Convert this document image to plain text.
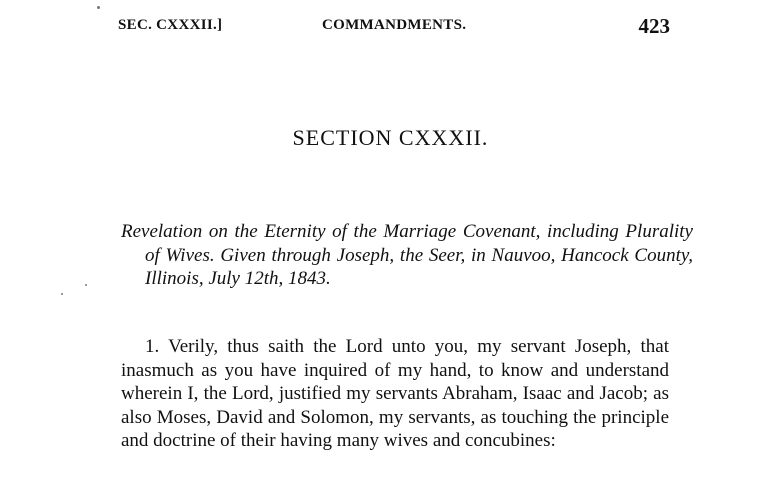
SEC. CXXXII.]	COMMANDMENTS.	423
SECTION CXXXII.

Revelation on the Eternity of the Marriage Covenant, including Plurality of Wives. Given through Joseph, the Seer, in Nauvoo, Hancock County, Illinois, July 12th, 1843.

1. Verily, thus saith the Lord unto you, my servant Joseph, that inasmuch as you have inquired of my hand, to know and understand wherein I, the Lord, justified my servants Abraham, Isaac and Jacob; as also Moses, David and Solomon, my servants, as touching the principle and doctrine of their having many wives and concubines:
